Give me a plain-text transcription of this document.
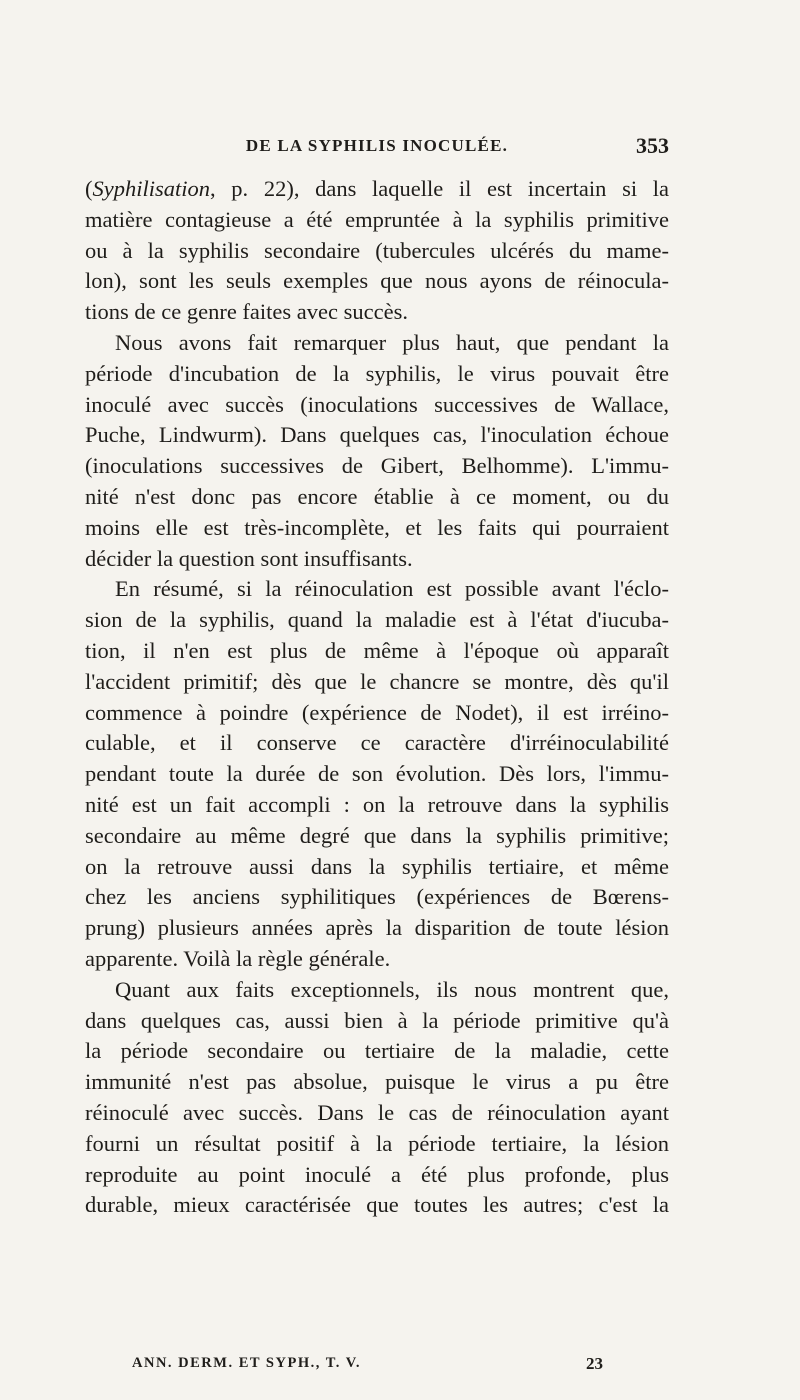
DE LA SYPHILIS INOCULÉE.	353
(Syphilisation, p. 22), dans laquelle il est incertain si la
matière contagieuse a été empruntée à la syphilis primitive
ou à la syphilis secondaire (tubercules ulcérés du mame-
lon), sont les seuls exemples que nous ayons de réinocula-
tions de ce genre faites avec succès.
Nous avons fait remarquer plus haut, que pendant la
période d'incubation de la syphilis, le virus pouvait être
inoculé avec succès (inoculations successives de Wallace,
Puche, Lindwurm). Dans quelques cas, l'inoculation échoue
(inoculations successives de Gibert, Belhomme). L'immu-
nité n'est donc pas encore établie à ce moment, ou du
moins elle est très-incomplète, et les faits qui pourraient
décider la question sont insuffisants.
En résumé, si la réinoculation est possible avant l'éclo-
sion de la syphilis, quand la maladie est à l'état d'iucuba-
tion, il n'en est plus de même à l'époque où apparaît
l'accident primitif; dès que le chancre se montre, dès qu'il
commence à poindre (expérience de Nodet), il est irréino-
culable, et il conserve ce caractère d'irréinoculabilité
pendant toute la durée de son évolution. Dès lors, l'immu-
nité est un fait accompli : on la retrouve dans la syphilis
secondaire au même degré que dans la syphilis primitive;
on la retrouve aussi dans la syphilis tertiaire, et même
chez les anciens syphilitiques (expériences de Bœrens-
prung) plusieurs années après la disparition de toute lésion
apparente. Voilà la règle générale.
Quant aux faits exceptionnels, ils nous montrent que,
dans quelques cas, aussi bien à la période primitive qu'à
la période secondaire ou tertiaire de la maladie, cette
immunité n'est pas absolue, puisque le virus a pu être
réinoculé avec succès. Dans le cas de réinoculation ayant
fourni un résultat positif à la période tertiaire, la lésion
reproduite au point inoculé a été plus profonde, plus
durable, mieux caractérisée que toutes les autres; c'est la
ANN. DERM. ET SYPH., T. V.	23
